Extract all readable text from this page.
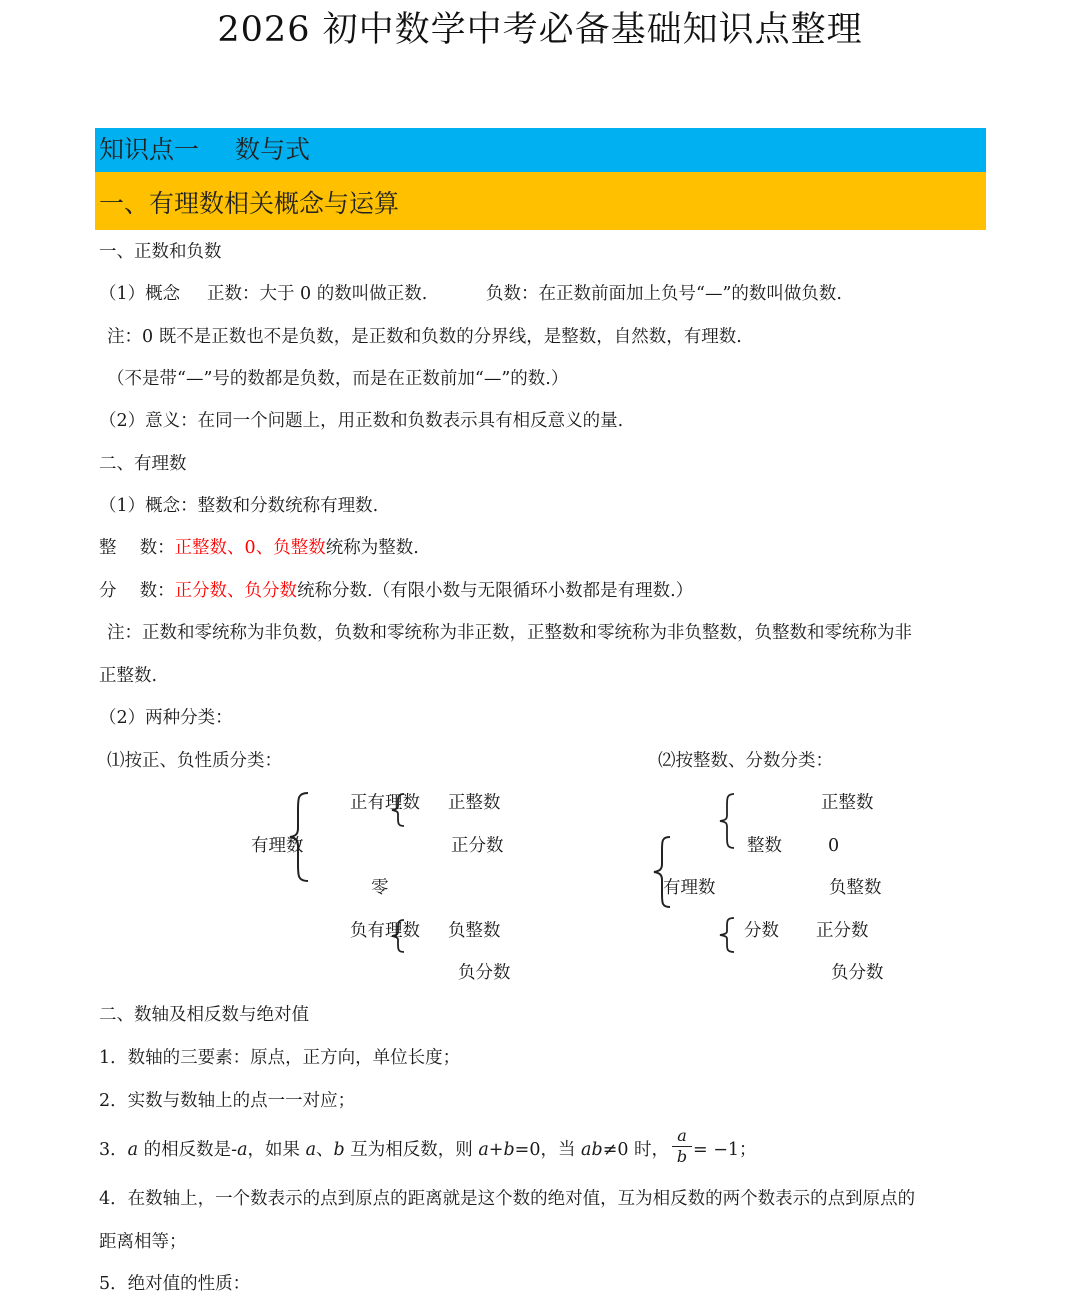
2026 初中数学中考必备基础知识点整理
知识点一 数与式
一、有理数相关概念与运算
一、正数和负数
（1）概念 正数：大于 0 的数叫做正数.	负数：在正数前面加上负号“—”的数叫做负数.
注：0 既不是正数也不是负数，是正数和负数的分界线，是整数，自然数，有理数.
（不是带“—”号的数都是负数，而是在正数前加“—”的数.）
（2）意义：在同一个问题上，用正数和负数表示具有相反意义的量.
二、有理数
（1）概念：整数和分数统称有理数.
整　 数：正整数、0、负整数统称为整数.
分　 数：正分数、负分数统称分数.（有限小数与无限循环小数都是有理数.）
注：正数和零统称为非负数，负数和零统称为非正数，正整数和零统称为非负整数，负整数和零统称为非
正整数.
（2）两种分类：
⑴按正、负性质分类：	⑵按整数、分数分类：
有理数
正有理数 正整数
正分数
零
负有理数 负整数
负分数
正整数
整数	0
有理数	负整数
分数 正分数
负分数
二、数轴及相反数与绝对值
1．数轴的三要素：原点，正方向，单位长度；
2．实数与数轴上的点一一对应；
3．a 的相反数是-a，如果 a、b 互为相反数，则 a+b=0，当 ab≠0 时，
a
b = −1；
4．在数轴上，一个数表示的点到原点的距离就是这个数的绝对值，互为相反数的两个数表示的点到原点的
距离相等；
5．绝对值的性质：
